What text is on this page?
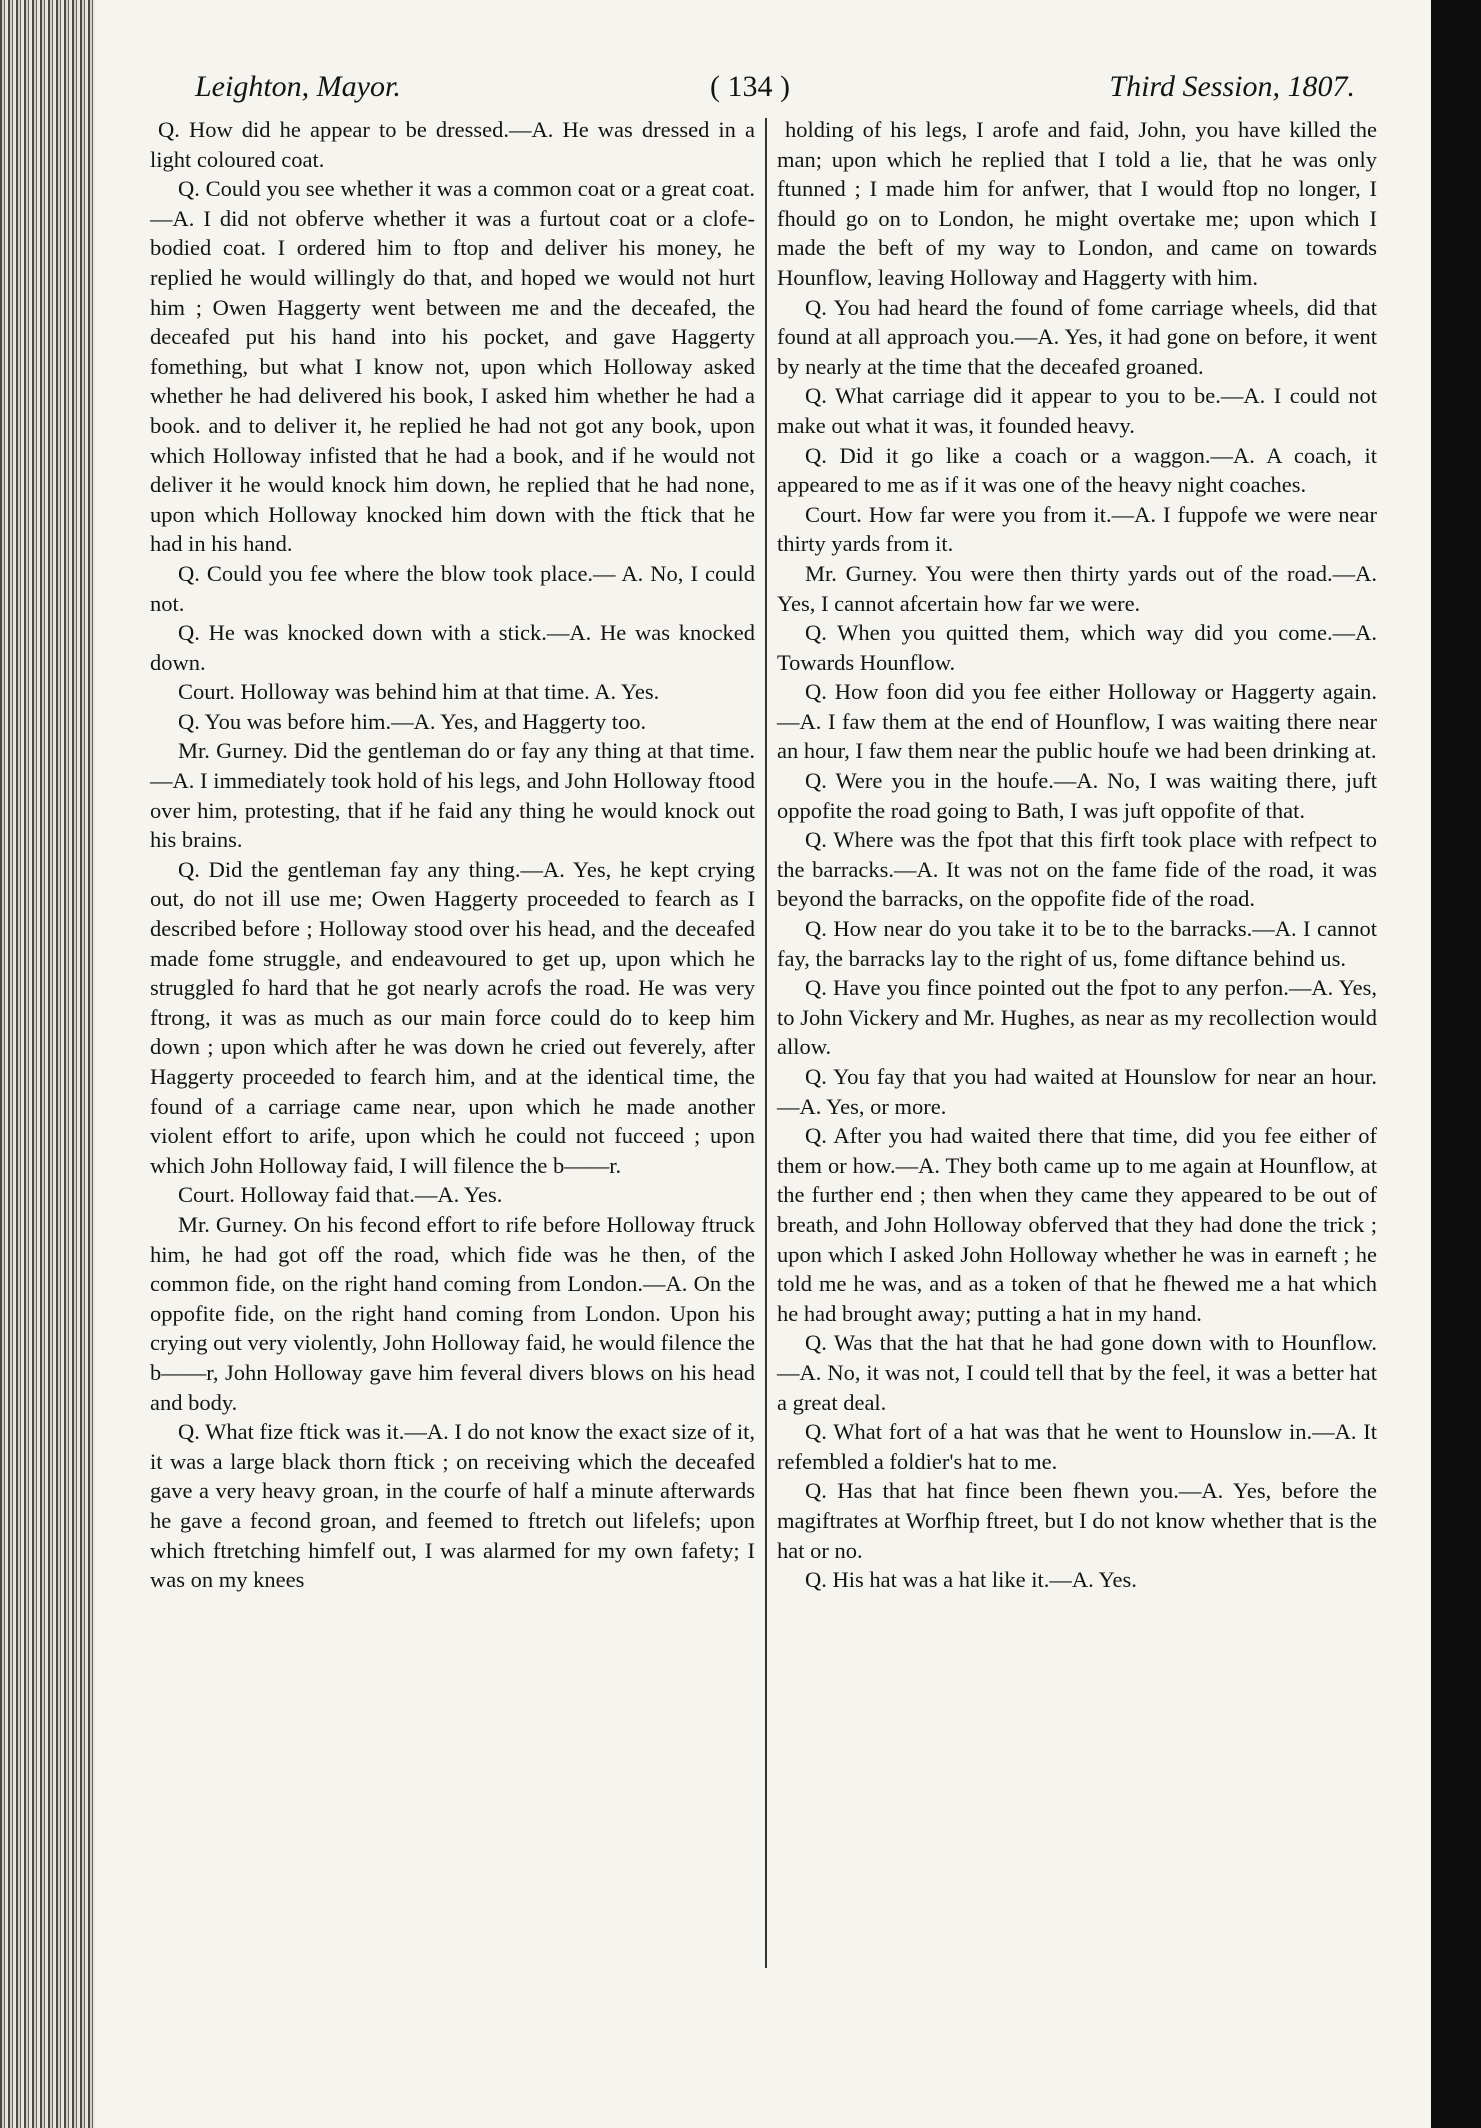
Leighton, Mayor.	( 134 )	Third Session, 1807.

Q. How did he appear to be dressed.—A. He was dressed in a light coloured coat.

Q. Could you see whether it was a common coat or a great coat.—A. I did not obferve whether it was a furtout coat or a clofe-bodied coat. I ordered him to ftop and deliver his money, he replied he would willingly do that, and hoped we would not hurt him ; Owen Haggerty went between me and the deceafed, the deceafed put his hand into his pocket, and gave Haggerty fomething, but what I know not, upon which Holloway asked whether he had delivered his book, I asked him whether he had a book. and to deliver it, he replied he had not got any book, upon which Holloway infisted that he had a book, and if he would not deliver it he would knock him down, he replied that he had none, upon which Holloway knocked him down with the ftick that he had in his hand.

Q. Could you fee where the blow took place.— A. No, I could not.

Q. He was knocked down with a stick.—A. He was knocked down.

Court. Holloway was behind him at that time. A. Yes.

Q. You was before him.—A. Yes, and Haggerty too.

Mr. Gurney. Did the gentleman do or fay any thing at that time.—A. I immediately took hold of his legs, and John Holloway ftood over him, protesting, that if he faid any thing he would knock out his brains.

Q. Did the gentleman fay any thing.—A. Yes, he kept crying out, do not ill use me; Owen Haggerty proceeded to fearch as I described before ; Holloway stood over his head, and the deceafed made fome struggle, and endeavoured to get up, upon which he struggled fo hard that he got nearly acrofs the road. He was very ftrong, it was as much as our main force could do to keep him down ; upon which after he was down he cried out feverely, after Haggerty proceeded to fearch him, and at the identical time, the found of a carriage came near, upon which he made another violent effort to arife, upon which he could not fucceed ; upon which John Holloway faid, I will filence the b——r.

Court. Holloway faid that.—A. Yes.

Mr. Gurney. On his fecond effort to rife before Holloway ftruck him, he had got off the road, which fide was he then, of the common fide, on the right hand coming from London.—A. On the oppofite fide, on the right hand coming from London. Upon his crying out very violently, John Holloway faid, he would filence the b——r, John Holloway gave him feveral divers blows on his head and body.

Q. What fize ftick was it.—A. I do not know the exact size of it, it was a large black thorn ftick ; on receiving which the deceafed gave a very heavy groan, in the courfe of half a minute afterwards he gave a fecond groan, and feemed to ftretch out lifelefs; upon which ftretching himfelf out, I was alarmed for my own fafety; I was on my knees

holding of his legs, I arofe and faid, John, you have killed the man; upon which he replied that I told a lie, that he was only ftunned ; I made him for anfwer, that I would ftop no longer, I fhould go on to London, he might overtake me; upon which I made the beft of my way to London, and came on towards Hounflow, leaving Holloway and Haggerty with him.

Q. You had heard the found of fome carriage wheels, did that found at all approach you.—A. Yes, it had gone on before, it went by nearly at the time that the deceafed groaned.

Q. What carriage did it appear to you to be.—A. I could not make out what it was, it founded heavy.

Q. Did it go like a coach or a waggon.—A. A coach, it appeared to me as if it was one of the heavy night coaches.

Court. How far were you from it.—A. I fuppofe we were near thirty yards from it.

Mr. Gurney. You were then thirty yards out of the road.—A. Yes, I cannot afcertain how far we were.

Q. When you quitted them, which way did you come.—A. Towards Hounflow.

Q. How foon did you fee either Holloway or Haggerty again.—A. I faw them at the end of Hounflow, I was waiting there near an hour, I faw them near the public houfe we had been drinking at.

Q. Were you in the houfe.—A. No, I was waiting there, juft oppofite the road going to Bath, I was juft oppofite of that.

Q. Where was the fpot that this firft took place with refpect to the barracks.—A. It was not on the fame fide of the road, it was beyond the barracks, on the oppofite fide of the road.

Q. How near do you take it to be to the barracks.—A. I cannot fay, the barracks lay to the right of us, fome diftance behind us.

Q. Have you fince pointed out the fpot to any perfon.—A. Yes, to John Vickery and Mr. Hughes, as near as my recollection would allow.

Q. You fay that you had waited at Hounslow for near an hour.—A. Yes, or more.

Q. After you had waited there that time, did you fee either of them or how.—A. They both came up to me again at Hounflow, at the further end ; then when they came they appeared to be out of breath, and John Holloway obferved that they had done the trick ; upon which I asked John Holloway whether he was in earneft ; he told me he was, and as a token of that he fhewed me a hat which he had brought away; putting a hat in my hand.

Q. Was that the hat that he had gone down with to Hounflow.—A. No, it was not, I could tell that by the feel, it was a better hat a great deal.

Q. What fort of a hat was that he went to Hounslow in.—A. It refembled a foldier's hat to me.

Q. Has that hat fince been fhewn you.—A. Yes, before the magiftrates at Worfhip ftreet, but I do not know whether that is the hat or no.

Q. His hat was a hat like it.—A. Yes.
